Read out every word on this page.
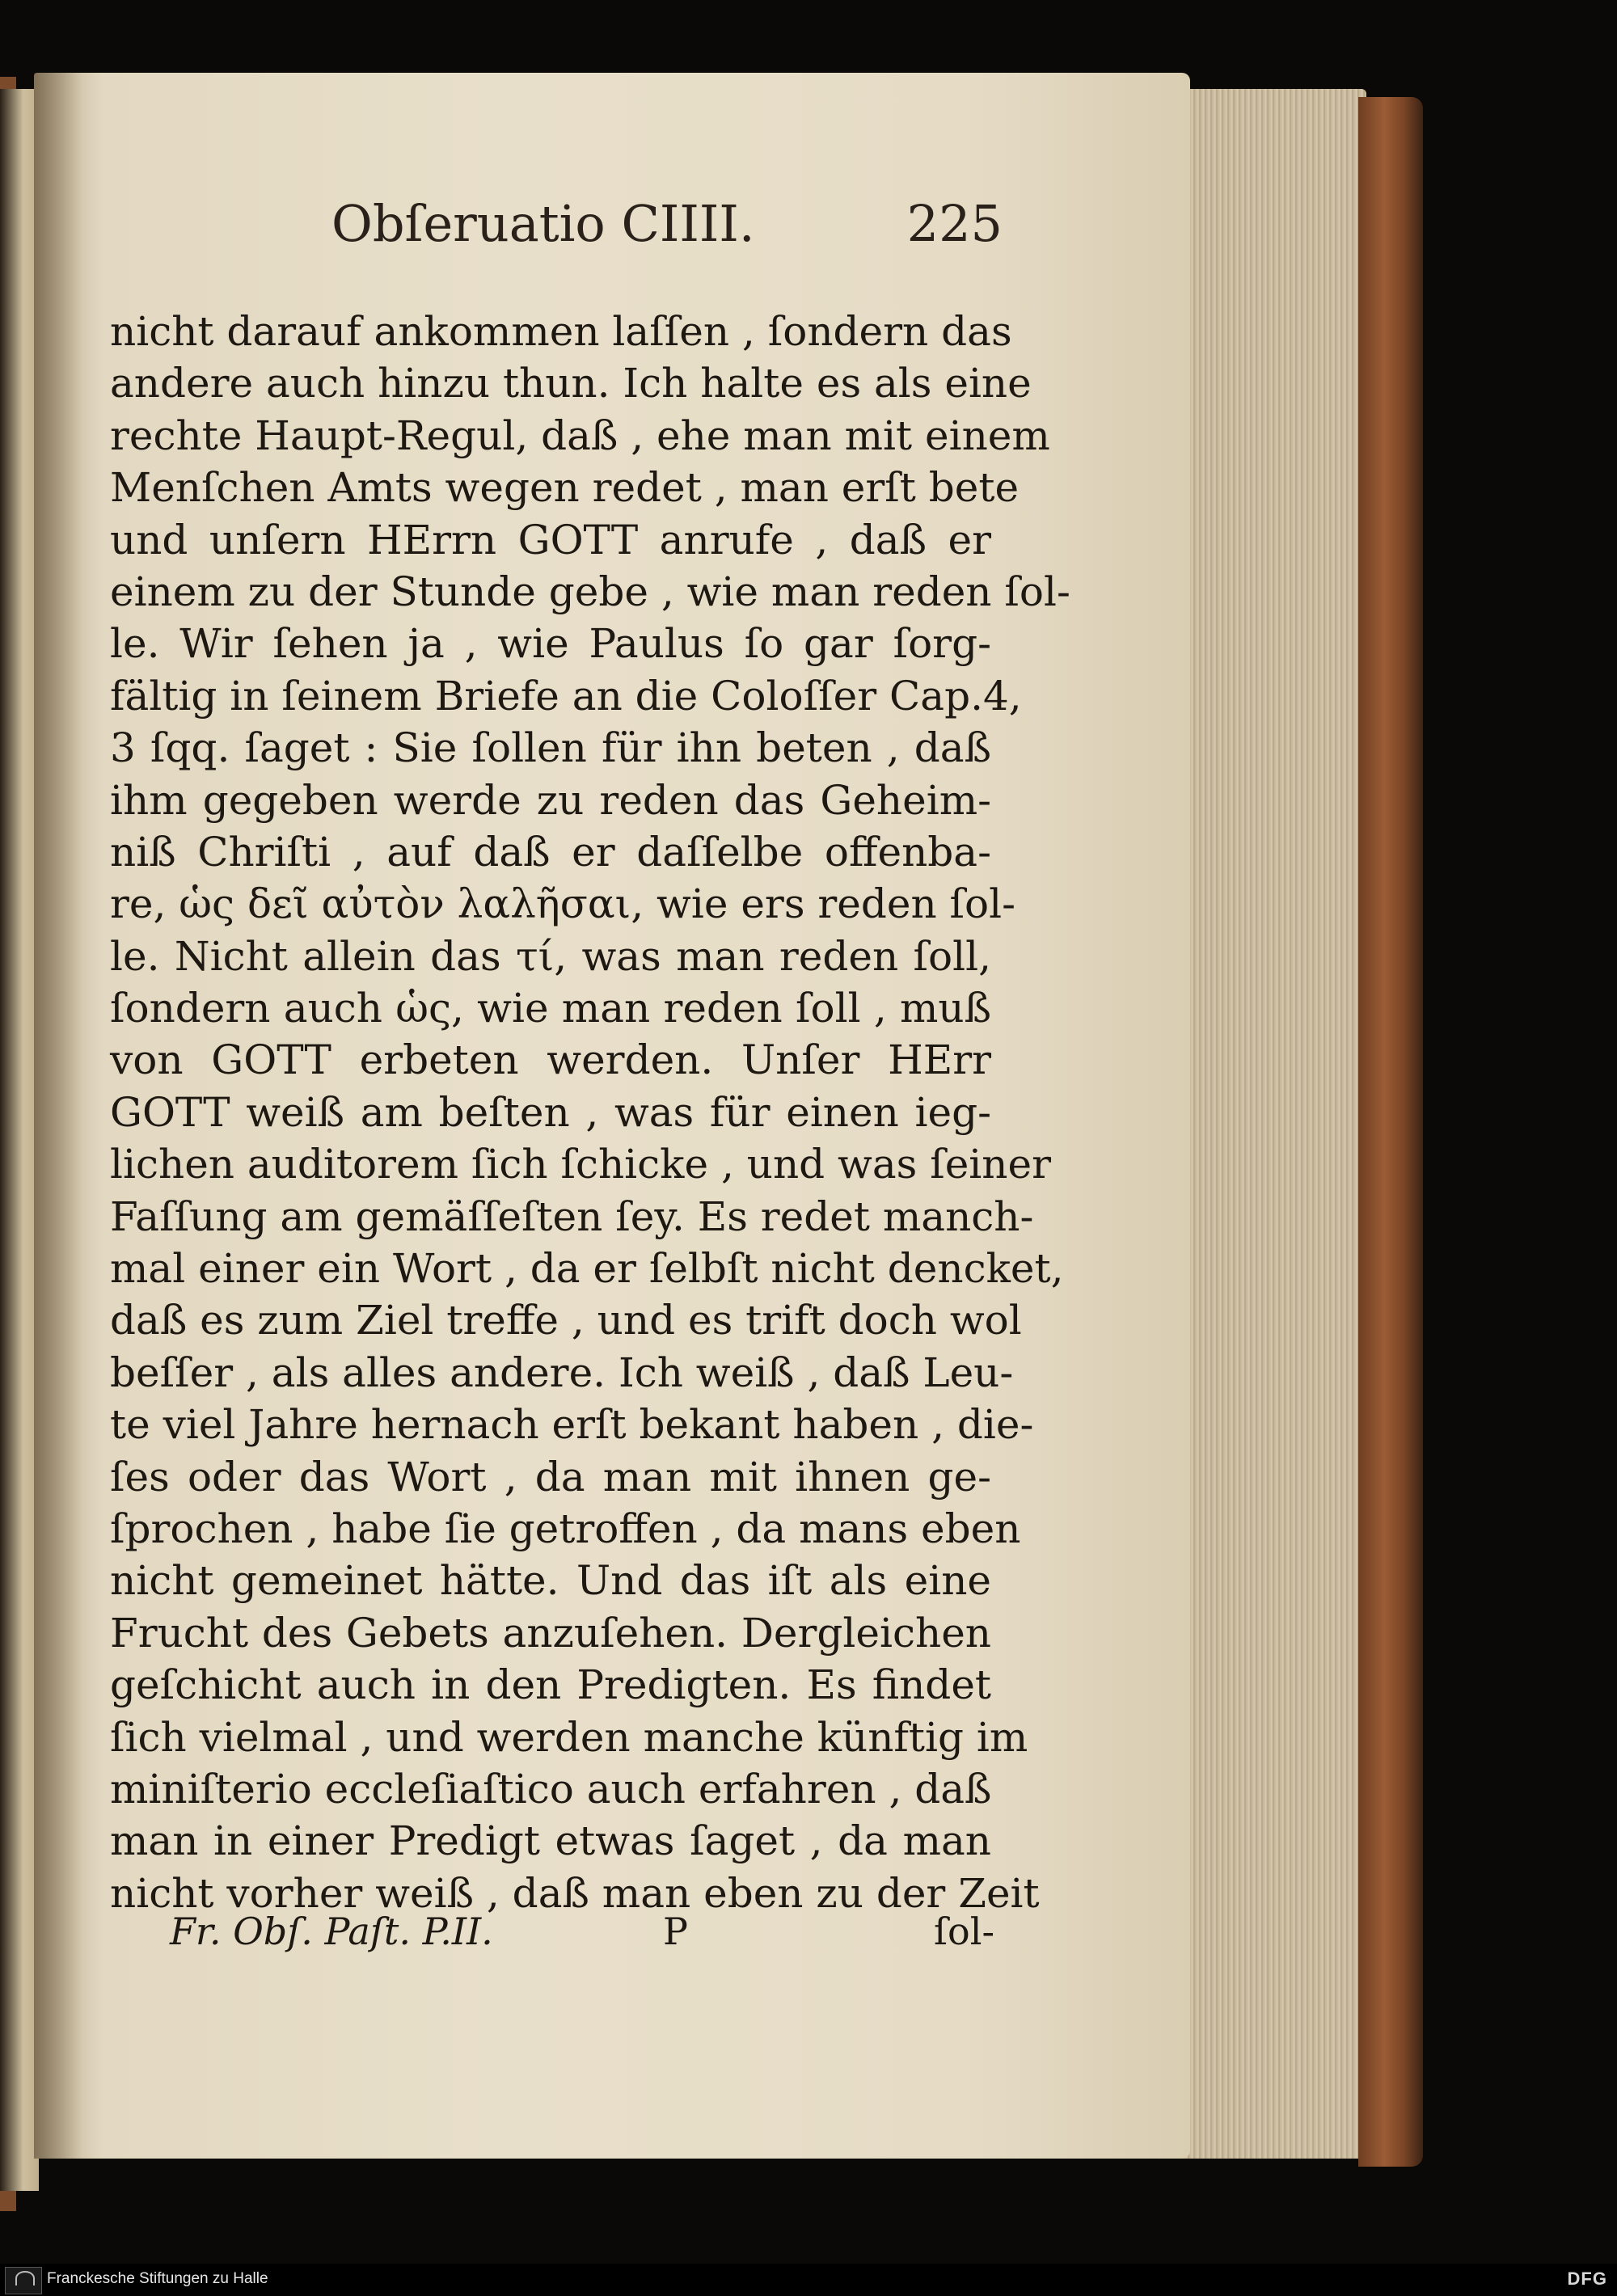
Obſeruatio CIIII.	225
nicht darauf ankommen laſſen , ſondern das
andere auch hinzu thun. Ich halte es als eine
rechte Haupt-Regul, daß , ehe man mit einem
Menſchen Amts wegen redet , man erſt bete
und unſern HErrn GOTT anrufe , daß er
einem zu der Stunde gebe , wie man reden ſol-
le. Wir ſehen ja , wie Paulus ſo gar ſorg-
fältig in ſeinem Briefe an die Coloſſer Cap.4,
3 ſqq. ſaget : Sie ſollen für ihn beten , daß
ihm gegeben werde zu reden das Geheim-
niß Chriſti , auf daß er daſſelbe offenba-
re, ὡς δεῖ αὐτὸν λαλῆσαι, wie ers reden ſol-
le. Nicht allein das τί, was man reden ſoll,
ſondern auch ὡς, wie man reden ſoll , muß
von GOTT erbeten werden. Unſer HErr
GOTT weiß am beſten , was für einen ieg-
lichen auditorem ſich ſchicke , und was ſeiner
Faſſung am gemäſſeſten ſey. Es redet manch-
mal einer ein Wort , da er ſelbſt nicht dencket,
daß es zum Ziel treffe , und es trift doch wol
beſſer , als alles andere. Ich weiß , daß Leu-
te viel Jahre hernach erſt bekant haben , die-
ſes oder das Wort , da man mit ihnen ge-
ſprochen , habe ſie getroffen , da mans eben
nicht gemeinet hätte. Und das iſt als eine
Frucht des Gebets anzuſehen. Dergleichen
geſchicht auch in den Predigten. Es findet
ſich vielmal , und werden manche künftig im
miniſterio eccleſiaſtico auch erfahren , daß
man in einer Predigt etwas ſaget , da man
nicht vorher weiß , daß man eben zu der Zeit
Fr. Obſ. Paſt. P.II.	P	ſol-
Franckesche Stiftungen zu Halle	DFG
